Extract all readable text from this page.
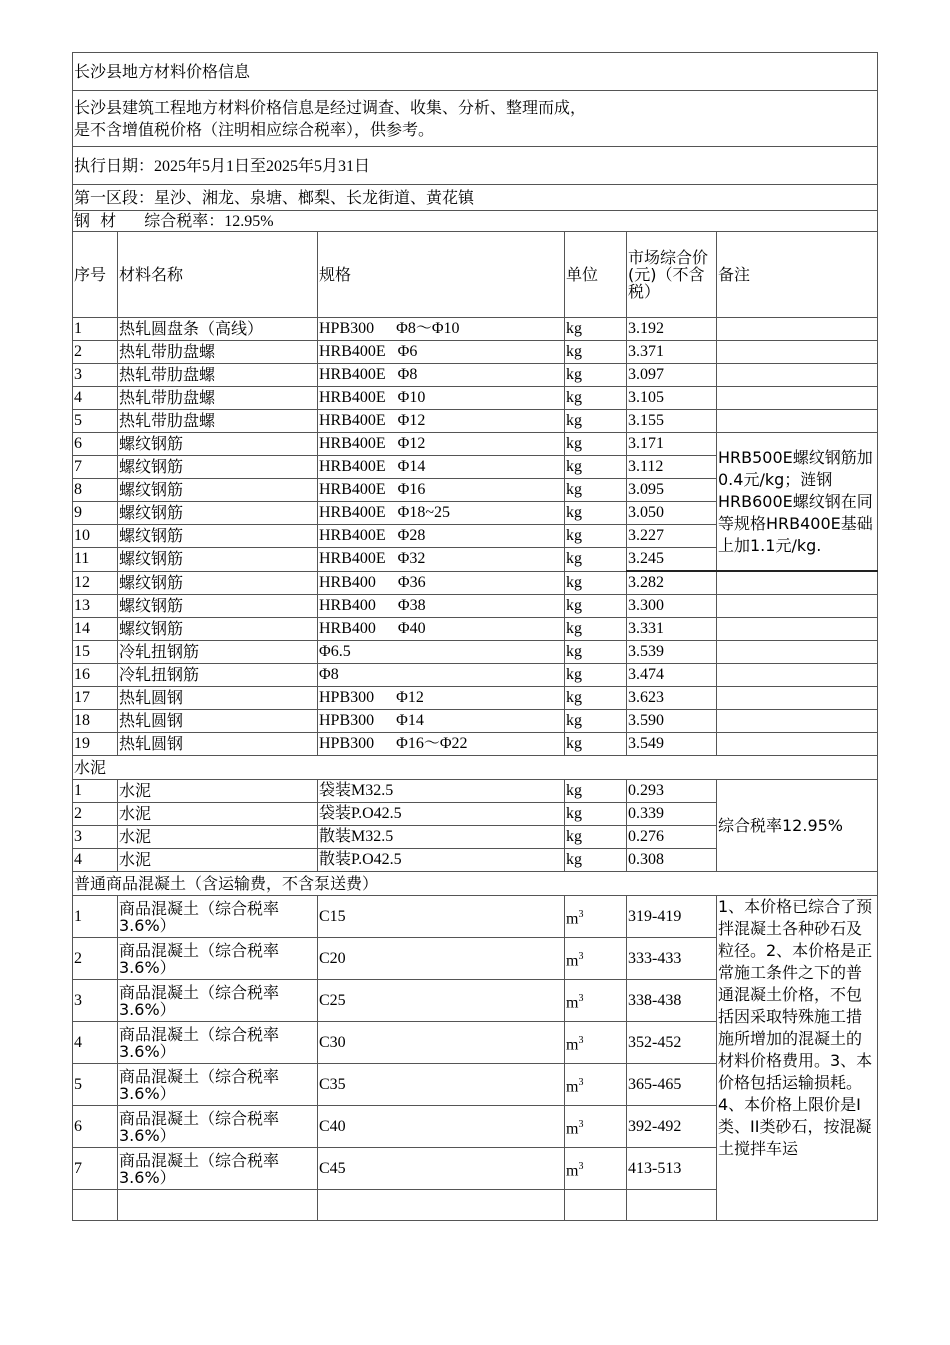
长沙县地方材料价格信息					

长沙县建筑工程地方材料价格信息是经过调查、收集、分析、整理而成，
是不含增值税价格（注明相应综合税率），供参考。					

执行日期：2025年5月1日至2025年5月31日					
第一区段：星沙、湘龙、泉塘、榔梨、长龙街道、黄花镇					
钢  材 综合税率：12.95%					
序号	材料名称	规格	单位	市场综合价(元)（不含税）	备注
1	热轧圆盘条（高线）	HPB300 Φ8～Φ10	kg	3.192	
2	热轧带肋盘螺	HRB400E Φ6	kg	3.371	
3	热轧带肋盘螺	HRB400E Φ8	kg	3.097	
4	热轧带肋盘螺	HRB400E Φ10	kg	3.105	
5	热轧带肋盘螺	HRB400E Φ12	kg	3.155	
6	螺纹钢筋	HRB400E Φ12	kg	3.171	HRB500E螺纹钢筋加0.4元/kg；涟钢HRB600E螺纹钢在同等规格HRB400E基础上加1.1元/kg.
7	螺纹钢筋	HRB400E Φ14	kg	3.112	
8	螺纹钢筋	HRB400E Φ16	kg	3.095	
9	螺纹钢筋	HRB400E Φ18~25	kg	3.050	
10	螺纹钢筋	HRB400E Φ28	kg	3.227	
11	螺纹钢筋	HRB400E Φ32	kg	3.245	
12	螺纹钢筋	HRB400 Φ36	kg	3.282	
13	螺纹钢筋	HRB400 Φ38	kg	3.300	
14	螺纹钢筋	HRB400 Φ40	kg	3.331	
15	冷轧扭钢筋	Φ6.5	kg	3.539	
16	冷轧扭钢筋	Φ8	kg	3.474	
17	热轧圆钢	HPB300 Φ12	kg	3.623	
18	热轧圆钢	HPB300 Φ14	kg	3.590	
19	热轧圆钢	HPB300 Φ16～Φ22	kg	3.549	
水泥					
1	水泥	袋装M32.5	kg	0.293	综合税率12.95%
2	水泥	袋装P.O42.5	kg	0.339	
3	水泥	散装M32.5	kg	0.276	
4	水泥	散装P.O42.5	kg	0.308	
普通商品混凝土（含运输费，不含泵送费）					
1	商品混凝土（综合税率3.6%）	C15	$m^3$	319-419	1、本价格已综合了预拌混凝土各种砂石及粒径。2、本价格是正常施工条件之下的普通混凝土价格，不包括因采取特殊施工措施所增加的混凝土的材料价格费用。3、本价格包括运输损耗。4、本价格上限价是I类、II类砂石，按混凝土搅拌车运
2	商品混凝土（综合税率3.6%）	C20	$m^3$	333-433	
3	商品混凝土（综合税率3.6%）	C25	$m^3$	338-438	
4	商品混凝土（综合税率3.6%）	C30	$m^3$	352-452	
5	商品混凝土（综合税率3.6%）	C35	$m^3$	365-465	
6	商品混凝土（综合税率3.6%）	C40	$m^3$	392-492	
7	商品混凝土（综合税率3.6%）	C45	$m^3$	413-513	
